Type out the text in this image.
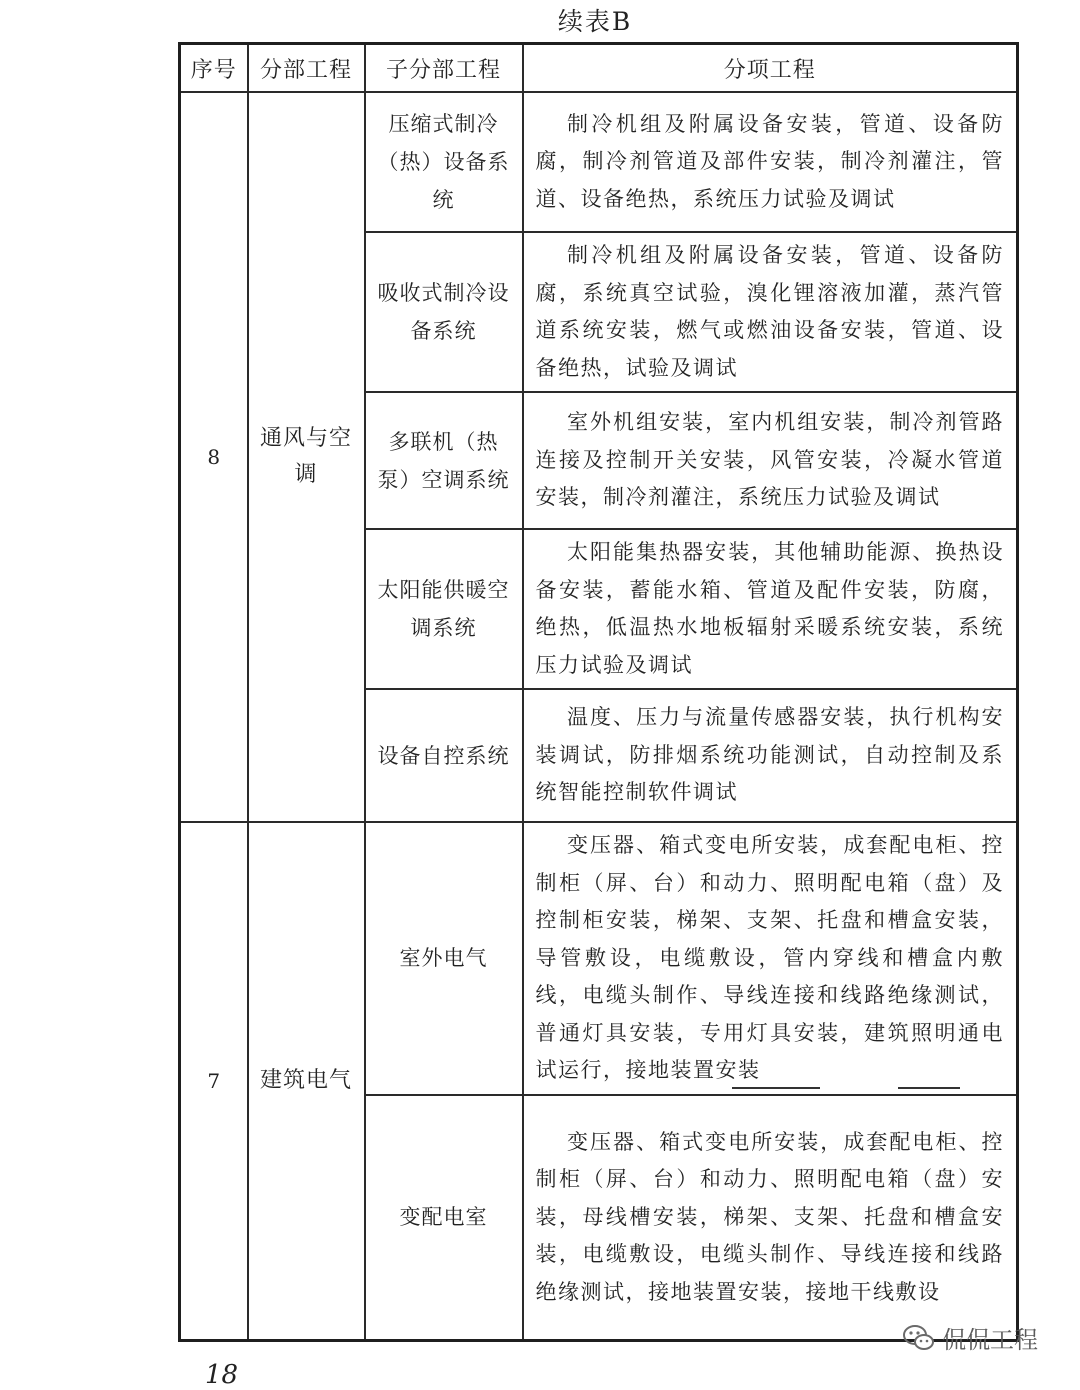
续表B
序号	分部工程	子分部工程	分项工程
8	通风与空调	压缩式制冷（热）设备系统	制冷机组及附属设备安装，管道、设备防腐，制冷剂管道及部件安装，制冷剂灌注，管道、设备绝热，系统压力试验及调试
		吸收式制冷设备系统	制冷机组及附属设备安装，管道、设备防腐，系统真空试验，溴化锂溶液加灌，蒸汽管道系统安装，燃气或燃油设备安装，管道、设备绝热，试验及调试
		多联机（热泵）空调系统	室外机组安装，室内机组安装，制冷剂管路连接及控制开关安装，风管安装，冷凝水管道安装，制冷剂灌注，系统压力试验及调试
		太阳能供暖空调系统	太阳能集热器安装，其他辅助能源、换热设备安装，蓄能水箱、管道及配件安装，防腐，绝热，低温热水地板辐射采暖系统安装，系统压力试验及调试
		设备自控系统	温度、压力与流量传感器安装，执行机构安装调试，防排烟系统功能测试，自动控制及系统智能控制软件调试
7	建筑电气	室外电气	变压器、箱式变电所安装，成套配电柜、控制柜（屏、台）和动力、照明配电箱（盘）及控制柜安装，梯架、支架、托盘和槽盒安装，导管敷设，电缆敷设，管内穿线和槽盒内敷线，电缆头制作、导线连接和线路绝缘测试，普通灯具安装，专用灯具安装，建筑照明通电试运行，接地装置安装
		变配电室	变压器、箱式变电所安装，成套配电柜、控制柜（屏、台）和动力、照明配电箱（盘）安装，母线槽安装，梯架、支架、托盘和槽盒安装，电缆敷设，电缆头制作、导线连接和线路绝缘测试，接地装置安装，接地干线敷设
18
侃侃工程
